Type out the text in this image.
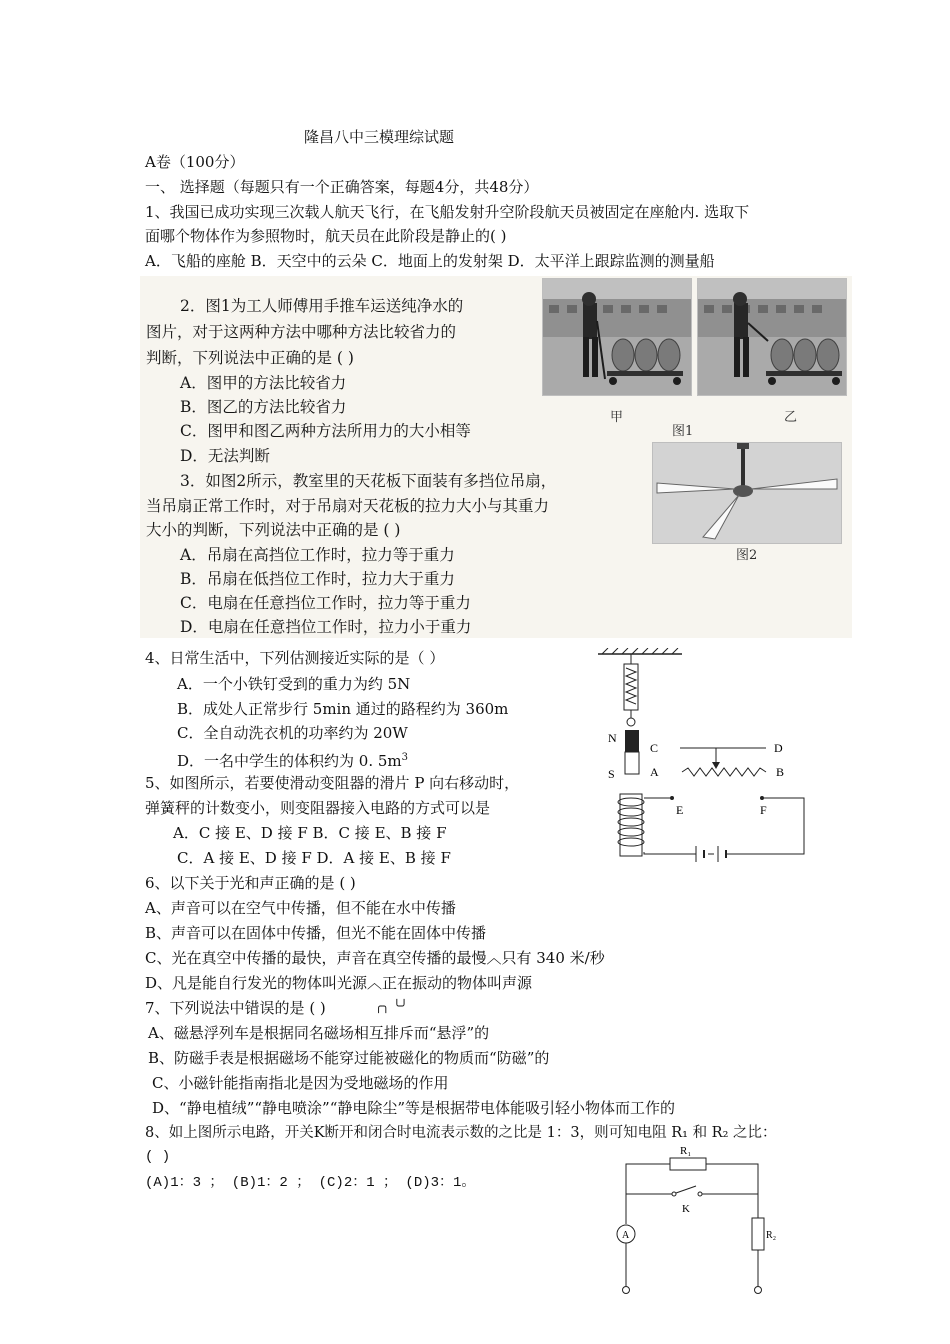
隆昌八中三模理综试题
A卷（100分）
一、 选择题（每题只有一个正确答案，每题4分，共48分）
1、我国已成功实现三次载人航天飞行，在飞船发射升空阶段航天员被固定在座舱内. 选取下
面哪个物体作为参照物时，航天员在此阶段是静止的( )
A．飞船的座舱 B．天空中的云朵 C．地面上的发射架 D．太平洋上跟踪监测的测量船
2．图1为工人师傅用手推车运送纯净水的
图片，对于这两种方法中哪种方法比较省力的
判断，下列说法中正确的是 ( )
A．图甲的方法比较省力
B．图乙的方法比较省力
C．图甲和图乙两种方法所用力的大小相等
D．无法判断
3．如图2所示，教室里的天花板下面装有多挡位吊扇，
当吊扇正常工作时，对于吊扇对天花板的拉力大小与其重力
大小的判断，下列说法中正确的是 ( )
A．吊扇在高挡位工作时，拉力等于重力
B．吊扇在低挡位工作时，拉力大于重力
C．电扇在任意挡位工作时，拉力等于重力
D．电扇在任意挡位工作时，拉力小于重力
甲
图1
乙
图2
4、日常生活中，下列估测接近实际的是（ ）
A．一个小铁钉受到的重力为约 5N
B．成处人正常步行 5min 通过的路程约为 360m
C．全自动洗衣机的功率约为 20W
D．一名中学生的体积约为 0. $5m^3$
5、如图所示，若要使滑动变阻器的滑片 P 向右移动时，
弹簧秤的计数变小，则变阻器接入电路的方式可以是
A．C 接 E、D 接 F B．C 接 E、B 接 F
C．A 接 E、D 接 F D．A 接 E、B 接 F
N
S
C	D
A	B
E	F
6、以下关于光和声正确的是 ( )
A、声音可以在空气中传播，但不能在水中传播
B、声音可以在固体中传播，但光不能在固体中传播
C、光在真空中传播的最快，声音在真空传播的最慢︿只有 340 米/秒
D、凡是能自行发光的物体叫光源︿正在振动的物体叫声源
7、下列说法中错误的是 ( )	╭╮ ╰╯
A、磁悬浮列车是根据同名磁场相互排斥而“悬浮”的
B、防磁手表是根据磁场不能穿过能被磁化的物质而“防磁”的
C、小磁针能指南指北是因为受地磁场的作用
D、“静电植绒”“静电喷涂”“静电除尘”等是根据带电体能吸引轻小物体而工作的
8、如上图所示电路，开关K断开和闭合时电流表示数的之比是 1：3，则可知电阻 R₁ 和 R₂ 之比：
( )
(A)1：3 ； (B)1：2 ； (C)2：1 ； (D)3：1。
R₁
K
A	R₂
